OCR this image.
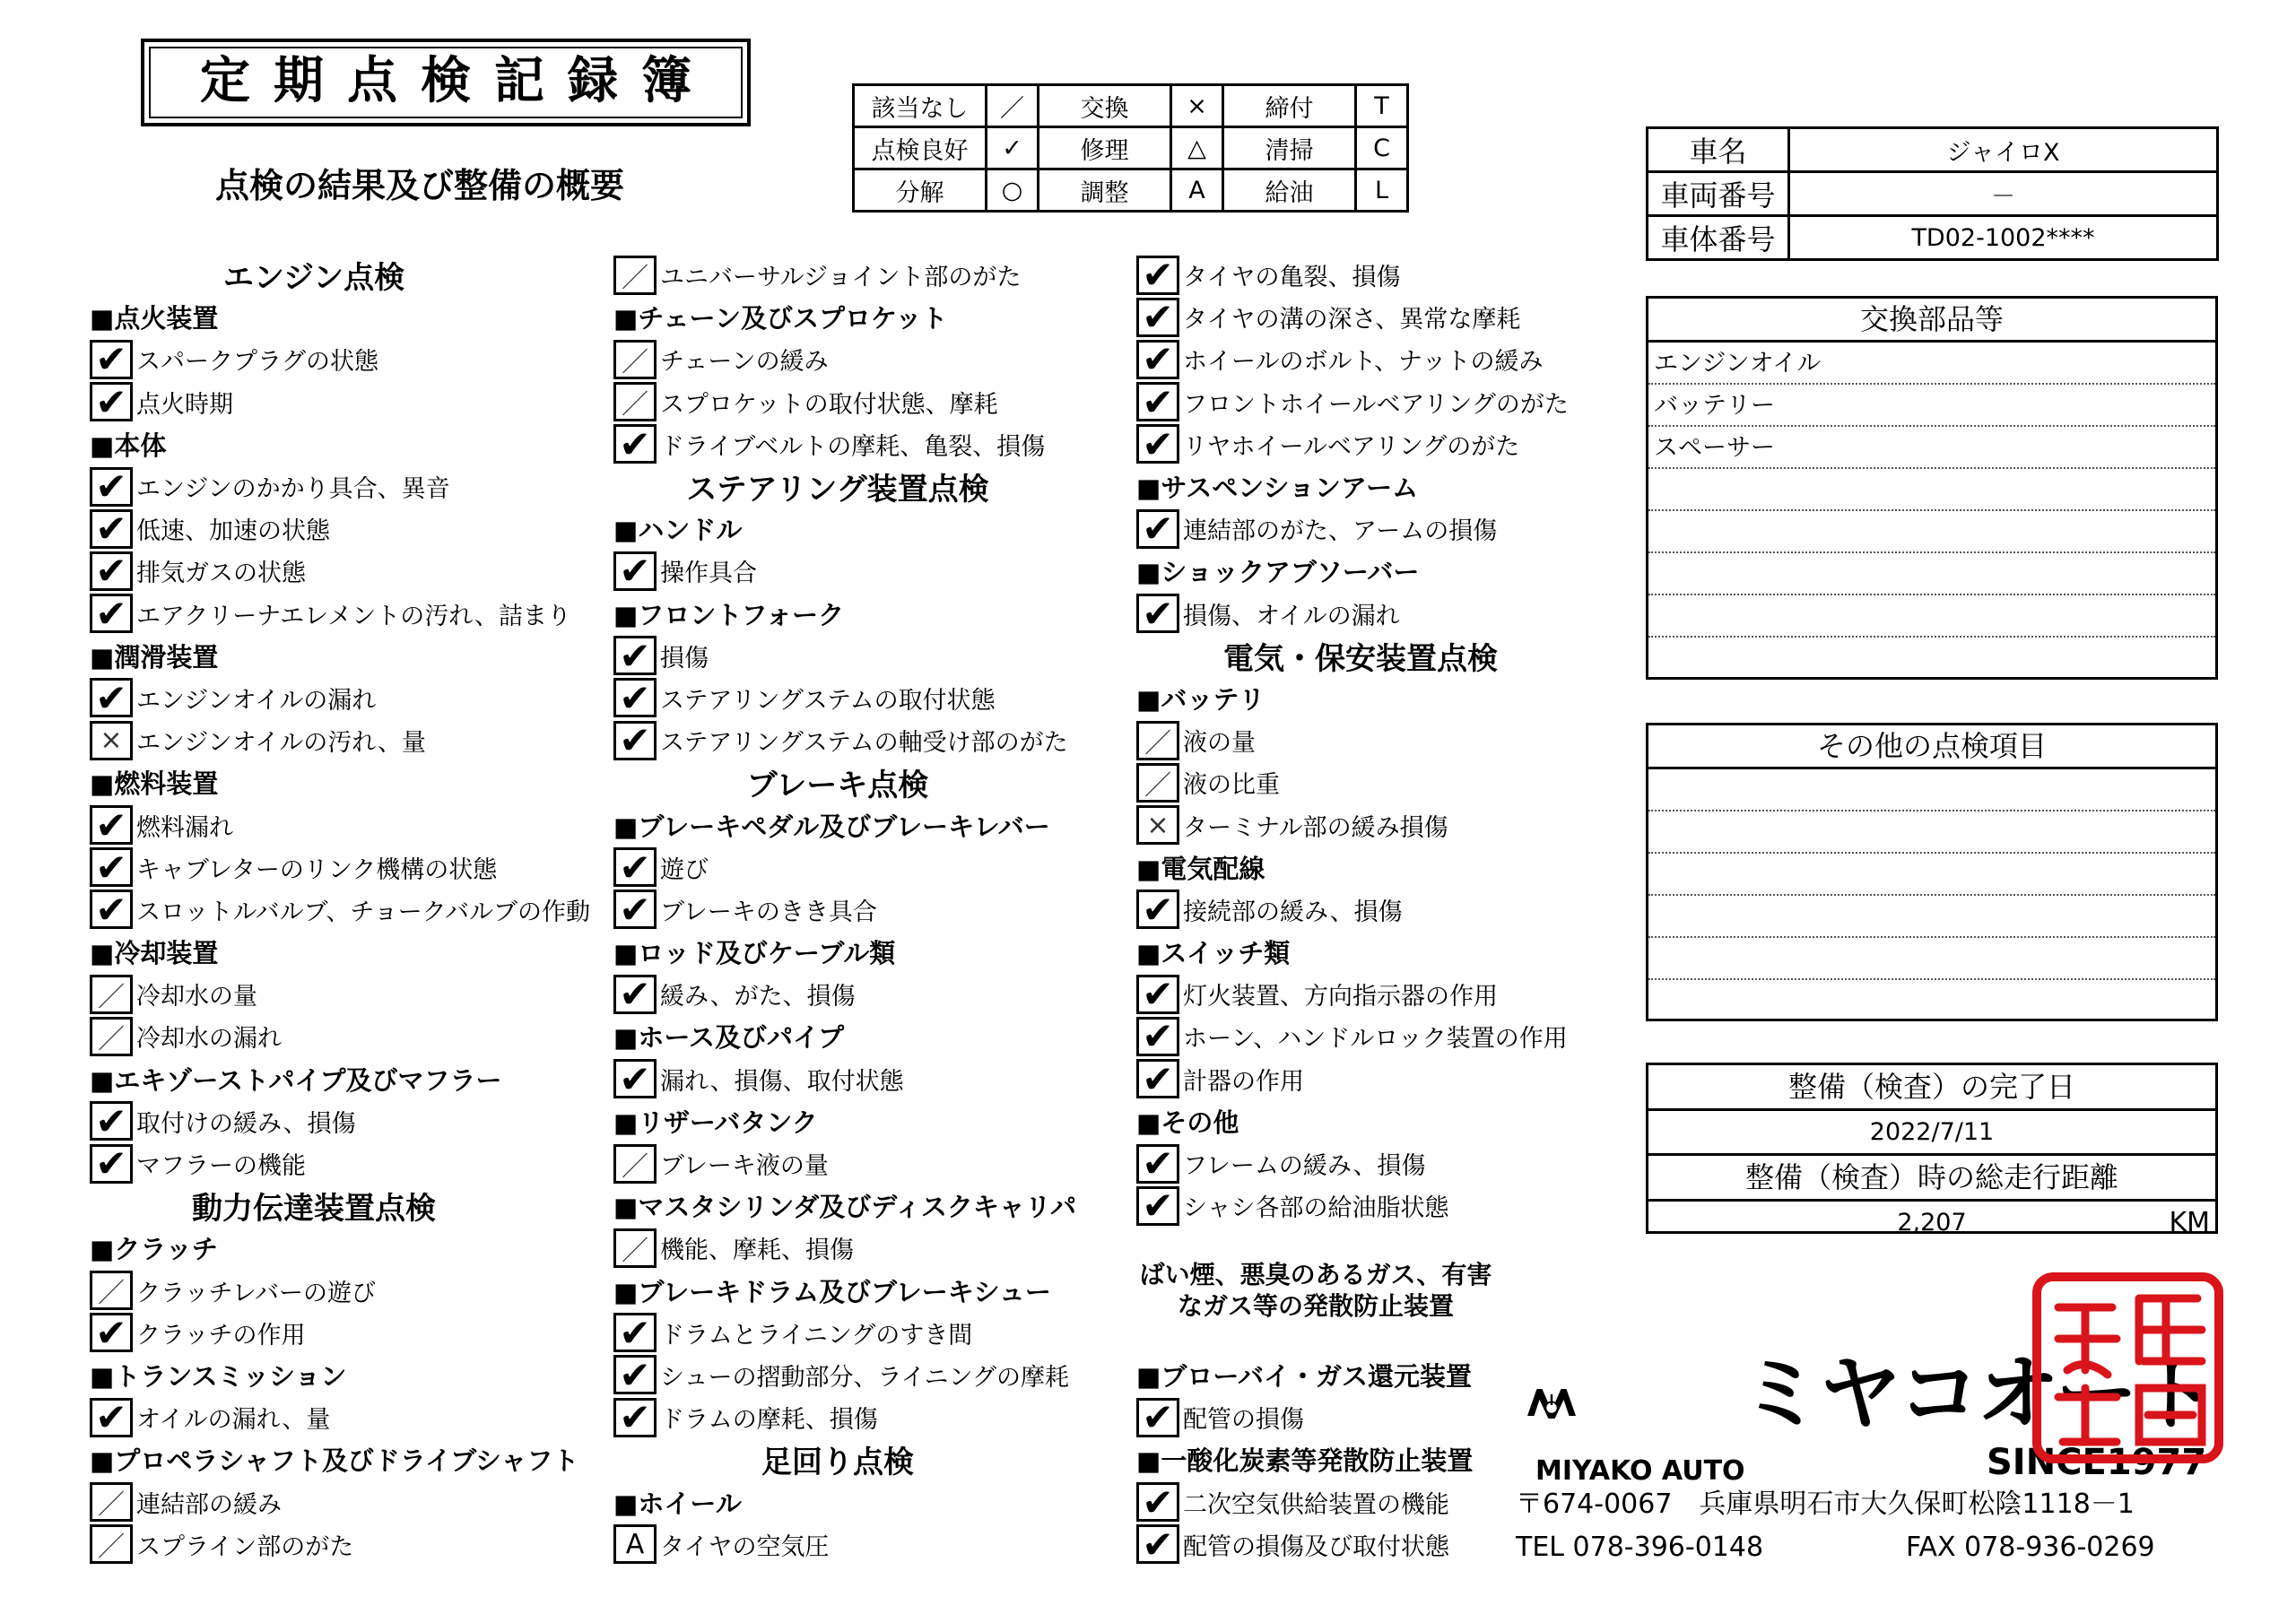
定期点検記録簿
点検の結果及び整備の概要
該当なし	／	交換	×	締付	T
点検良好	✓	修理	△	清掃	C
分解	○	調整	A	給油	L
車名	ジャイロX
車両番号	－
車体番号	TD02-1002****
交換部品等
エンジンオイル
バッテリー
スペーサー
その他の点検項目
整備（検査）の完了日
2022/7/11
整備（検査）時の総走行距離
2,207	KM
エンジン点検
■点火装置
✔ スパークプラグの状態
✔ 点火時期
■本体
✔ エンジンのかかり具合、異音
✔ 低速、加速の状態
✔ 排気ガスの状態
✔ エアクリーナエレメントの汚れ、詰まり
■潤滑装置
✔ エンジンオイルの漏れ
× エンジンオイルの汚れ、量
■燃料装置
✔ 燃料漏れ
✔ キャブレターのリンク機構の状態
✔ スロットルバルブ、チョークバルブの作動
■冷却装置
／ 冷却水の量
／ 冷却水の漏れ
■エキゾーストパイプ及びマフラー
✔ 取付けの緩み、損傷
✔ マフラーの機能
動力伝達装置点検
■クラッチ
／ クラッチレバーの遊び
✔ クラッチの作用
■トランスミッション
✔ オイルの漏れ、量
■プロペラシャフト及びドライブシャフト
／ 連結部の緩み
／ スプライン部のがた
／ ユニバーサルジョイント部のがた
■チェーン及びスプロケット
／ チェーンの緩み
／ スプロケットの取付状態、摩耗
✔ ドライブベルトの摩耗、亀裂、損傷
ステアリング装置点検
■ハンドル
✔ 操作具合
■フロントフォーク
✔ 損傷
✔ ステアリングステムの取付状態
✔ ステアリングステムの軸受け部のがた
ブレーキ点検
■ブレーキペダル及びブレーキレバー
✔ 遊び
✔ ブレーキのきき具合
■ロッド及びケーブル類
✔ 緩み、がた、損傷
■ホース及びパイプ
✔ 漏れ、損傷、取付状態
■リザーバタンク
／ ブレーキ液の量
■マスタシリンダ及びディスクキャリパ
／ 機能、摩耗、損傷
■ブレーキドラム及びブレーキシュー
✔ ドラムとライニングのすき間
✔ シューの摺動部分、ライニングの摩耗
✔ ドラムの摩耗、損傷
足回り点検
■ホイール
A タイヤの空気圧
✔ タイヤの亀裂、損傷
✔ タイヤの溝の深さ、異常な摩耗
✔ ホイールのボルト、ナットの緩み
✔ フロントホイールベアリングのがた
✔ リヤホイールベアリングのがた
■サスペンションアーム
✔ 連結部のがた、アームの損傷
■ショックアブソーバー
✔ 損傷、オイルの漏れ
電気・保安装置点検
■バッテリ
／ 液の量
／ 液の比重
× ターミナル部の緩み損傷
■電気配線
✔ 接続部の緩み、損傷
■スイッチ類
✔ 灯火装置、方向指示器の作用
✔ ホーン、ハンドルロック装置の作用
✔ 計器の作用
■その他
✔ フレームの緩み、損傷
✔ シャシ各部の給油脂状態
ばい煙、悪臭のあるガス、有害なガス等の発散防止装置
■ブローバイ・ガス還元装置
✔ 配管の損傷
■一酸化炭素等発散防止装置
✔ 二次空気供給装置の機能
✔ 配管の損傷及び取付状態
ミヤコオート
MIYAKO AUTO	SINCE1977
〒674-0067　兵庫県明石市大久保町松陰1118－1
TEL 078-396-0148	FAX 078-936-0269
